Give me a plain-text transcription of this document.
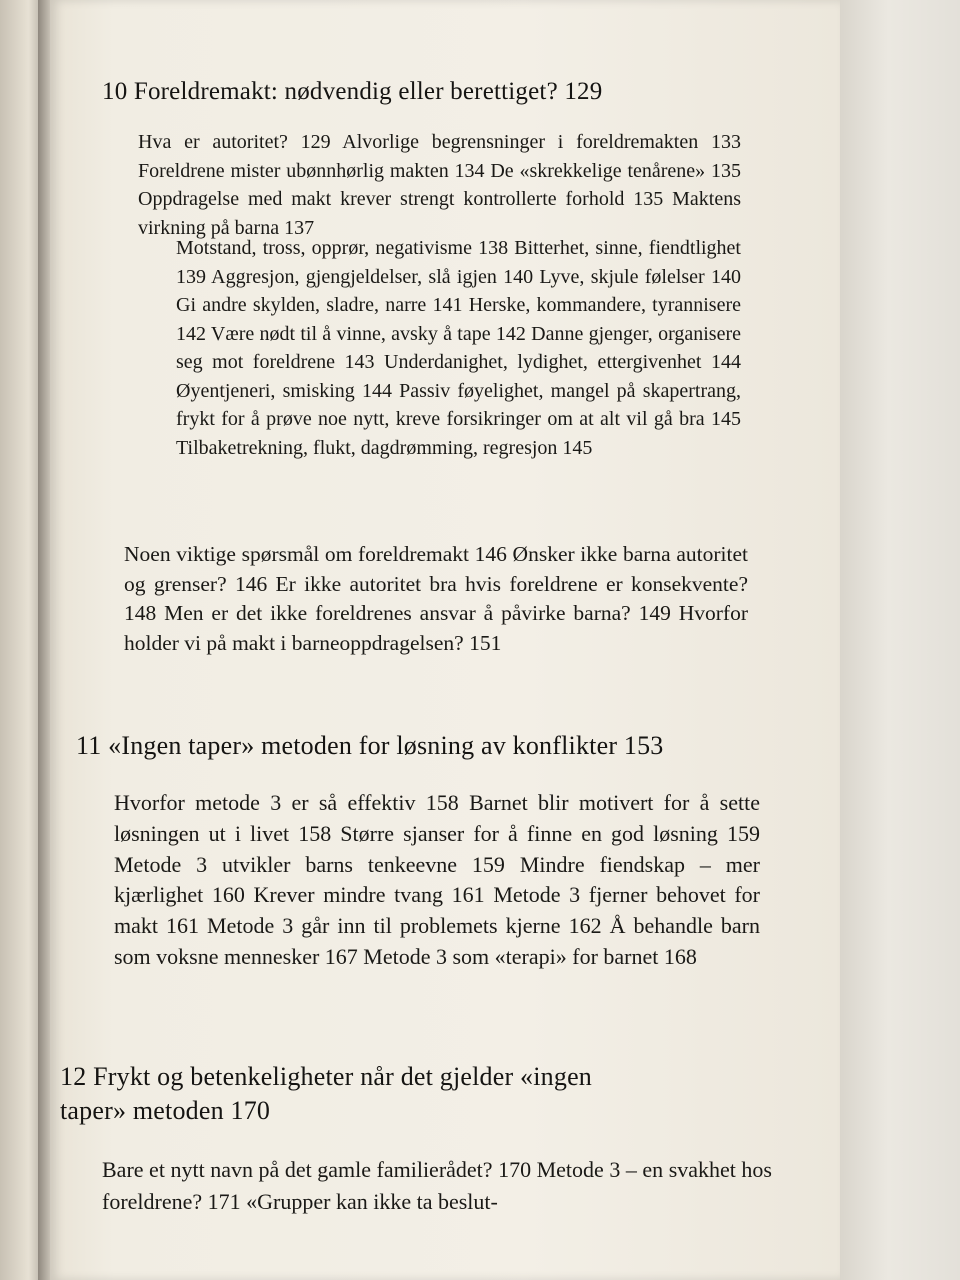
10 Foreldremakt: nødvendig eller berettiget? 129
Hva er autoritet? 129 Alvorlige begrensninger i foreldremakten 133 Foreldrene mister ubønnhørlig makten 134 De «skrekkelige tenårene» 135 Oppdragelse med makt krever strengt kontrollerte forhold 135 Maktens virkning på barna 137
Motstand, tross, opprør, negativisme 138 Bitterhet, sinne, fiendtlighet 139 Aggresjon, gjengjeldelser, slå igjen 140 Lyve, skjule følelser 140 Gi andre skylden, sladre, narre 141 Herske, kommandere, tyrannisere 142 Være nødt til å vinne, avsky å tape 142 Danne gjenger, organisere seg mot foreldrene 143 Underdanighet, lydighet, ettergivenhet 144 Øyentjeneri, smisking 144 Passiv føyelighet, mangel på skapertrang, frykt for å prøve noe nytt, kreve forsikringer om at alt vil gå bra 145 Tilbaketrekning, flukt, dagdrømming, regresjon 145
Noen viktige spørsmål om foreldremakt 146 Ønsker ikke barna autoritet og grenser? 146 Er ikke autoritet bra hvis foreldrene er konsekvente? 148 Men er det ikke foreldrenes ansvar å påvirke barna? 149 Hvorfor holder vi på makt i barneoppdragelsen? 151
11 «Ingen taper» metoden for løsning av konflikter 153
Hvorfor metode 3 er så effektiv 158 Barnet blir motivert for å sette løsningen ut i livet 158 Større sjanser for å finne en god løsning 159 Metode 3 utvikler barns tenkeevne 159 Mindre fiendskap – mer kjærlighet 160 Krever mindre tvang 161 Metode 3 fjerner behovet for makt 161 Metode 3 går inn til problemets kjerne 162 Å behandle barn som voksne mennesker 167 Metode 3 som «terapi» for barnet 168
12 Frykt og betenkeligheter når det gjelder «ingen taper» metoden 170
Bare et nytt navn på det gamle familierådet? 170 Metode 3 – en svakhet hos foreldrene? 171 «Grupper kan ikke ta beslut-
